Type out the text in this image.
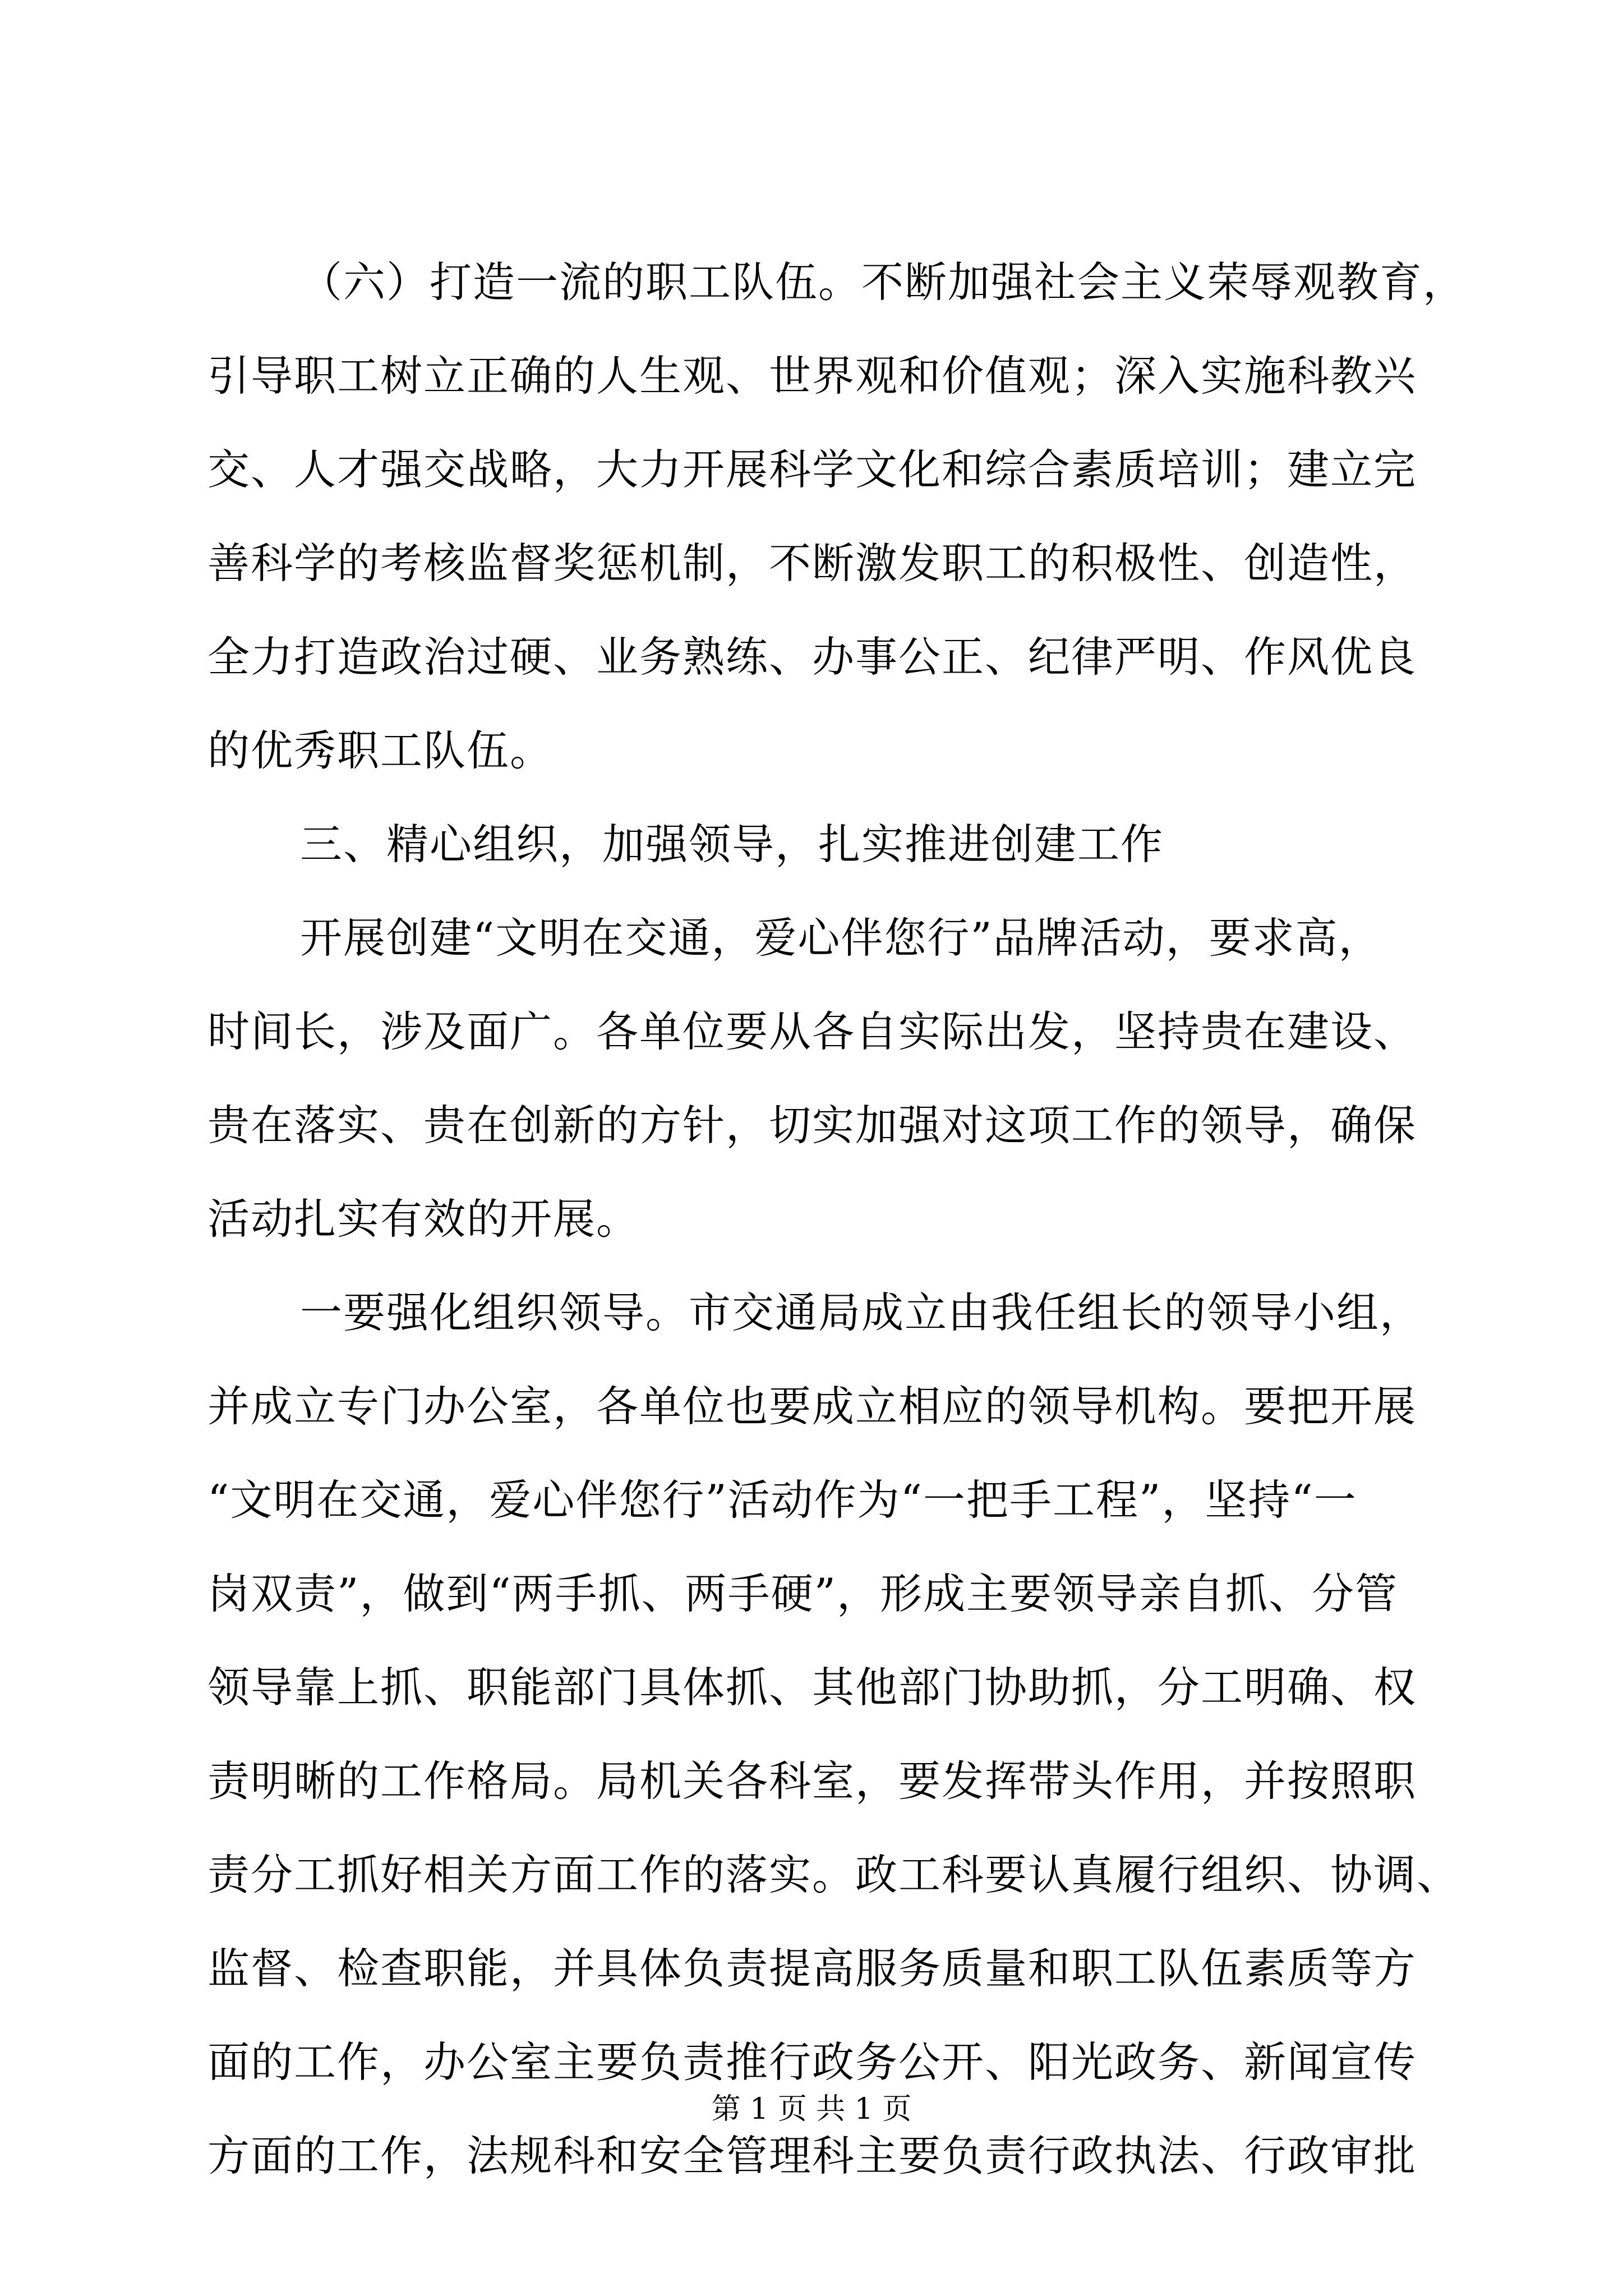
（六）打造一流的职工队伍。不断加强社会主义荣辱观教育，
引导职工树立正确的人生观、世界观和价值观；深入实施科教兴
交、人才强交战略，大力开展科学文化和综合素质培训；建立完
善科学的考核监督奖惩机制，不断激发职工的积极性、创造性，
全力打造政治过硬、业务熟练、办事公正、纪律严明、作风优良
的优秀职工队伍。
三、精心组织，加强领导，扎实推进创建工作
开展创建“文明在交通，爱心伴您行”品牌活动，要求高，
时间长，涉及面广。各单位要从各自实际出发，坚持贵在建设、
贵在落实、贵在创新的方针，切实加强对这项工作的领导，确保
活动扎实有效的开展。
一要强化组织领导。市交通局成立由我任组长的领导小组，
并成立专门办公室，各单位也要成立相应的领导机构。要把开展
“文明在交通，爱心伴您行”活动作为“一把手工程”，坚持“一
岗双责”，做到“两手抓、两手硬”，形成主要领导亲自抓、分管
领导靠上抓、职能部门具体抓、其他部门协助抓，分工明确、权
责明晰的工作格局。局机关各科室，要发挥带头作用，并按照职
责分工抓好相关方面工作的落实。政工科要认真履行组织、协调、
监督、检查职能，并具体负责提高服务质量和职工队伍素质等方
面的工作，办公室主要负责推行政务公开、阳光政务、新闻宣传
方面的工作，法规科和安全管理科主要负责行政执法、行政审批
第 1 页 共 1 页
